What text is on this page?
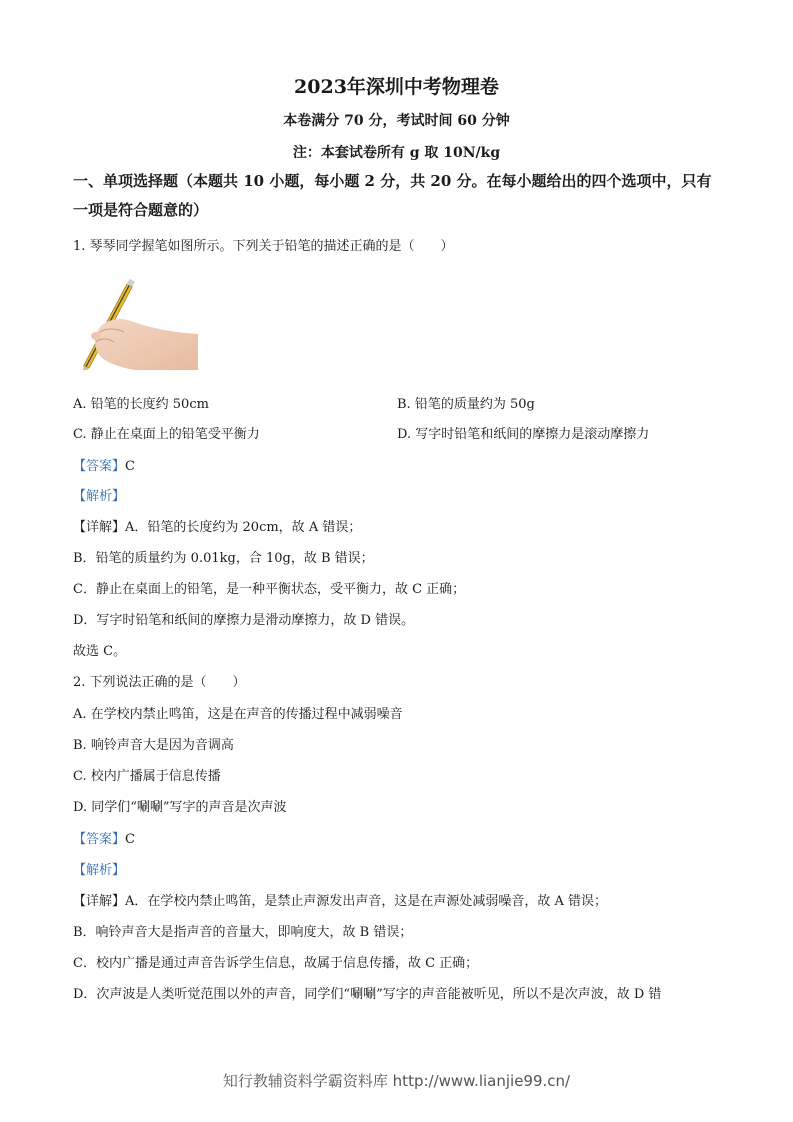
2023年深圳中考物理卷
本卷满分 70 分，考试时间 60 分钟
注：本套试卷所有 g 取 10N/kg
一、单项选择题（本题共 10 小题，每小题 2 分，共 20 分。在每小题给出的四个选项中，只有一项是符合题意的）
1. 琴琴同学握笔如图所示。下列关于铅笔的描述正确的是（　　）
A. 铅笔的长度约 50cm	B. 铅笔的质量约为 50g
C. 静止在桌面上的铅笔受平衡力	D. 写字时铅笔和纸间的摩擦力是滚动摩擦力
【答案】C
【解析】
【详解】A．铅笔的长度约为 20cm，故 A 错误；
B．铅笔的质量约为 0.01kg，合 10g，故 B 错误；
C．静止在桌面上的铅笔，是一种平衡状态，受平衡力，故 C 正确；
D．写字时铅笔和纸间的摩擦力是滑动摩擦力，故 D 错误。
故选 C。
2. 下列说法正确的是（　　）
A. 在学校内禁止鸣笛，这是在声音的传播过程中减弱噪音
B. 响铃声音大是因为音调高
C. 校内广播属于信息传播
D. 同学们“唰唰”写字的声音是次声波
【答案】C
【解析】
【详解】A．在学校内禁止鸣笛，是禁止声源发出声音，这是在声源处减弱噪音，故 A 错误；
B．响铃声音大是指声音的音量大，即响度大，故 B 错误；
C．校内广播是通过声音告诉学生信息，故属于信息传播，故 C 正确；
D．次声波是人类听觉范围以外的声音，同学们“唰唰”写字的声音能被听见，所以不是次声波，故 D 错
知行教辅资料学霸资料库 http://www.lianjie99.cn/
